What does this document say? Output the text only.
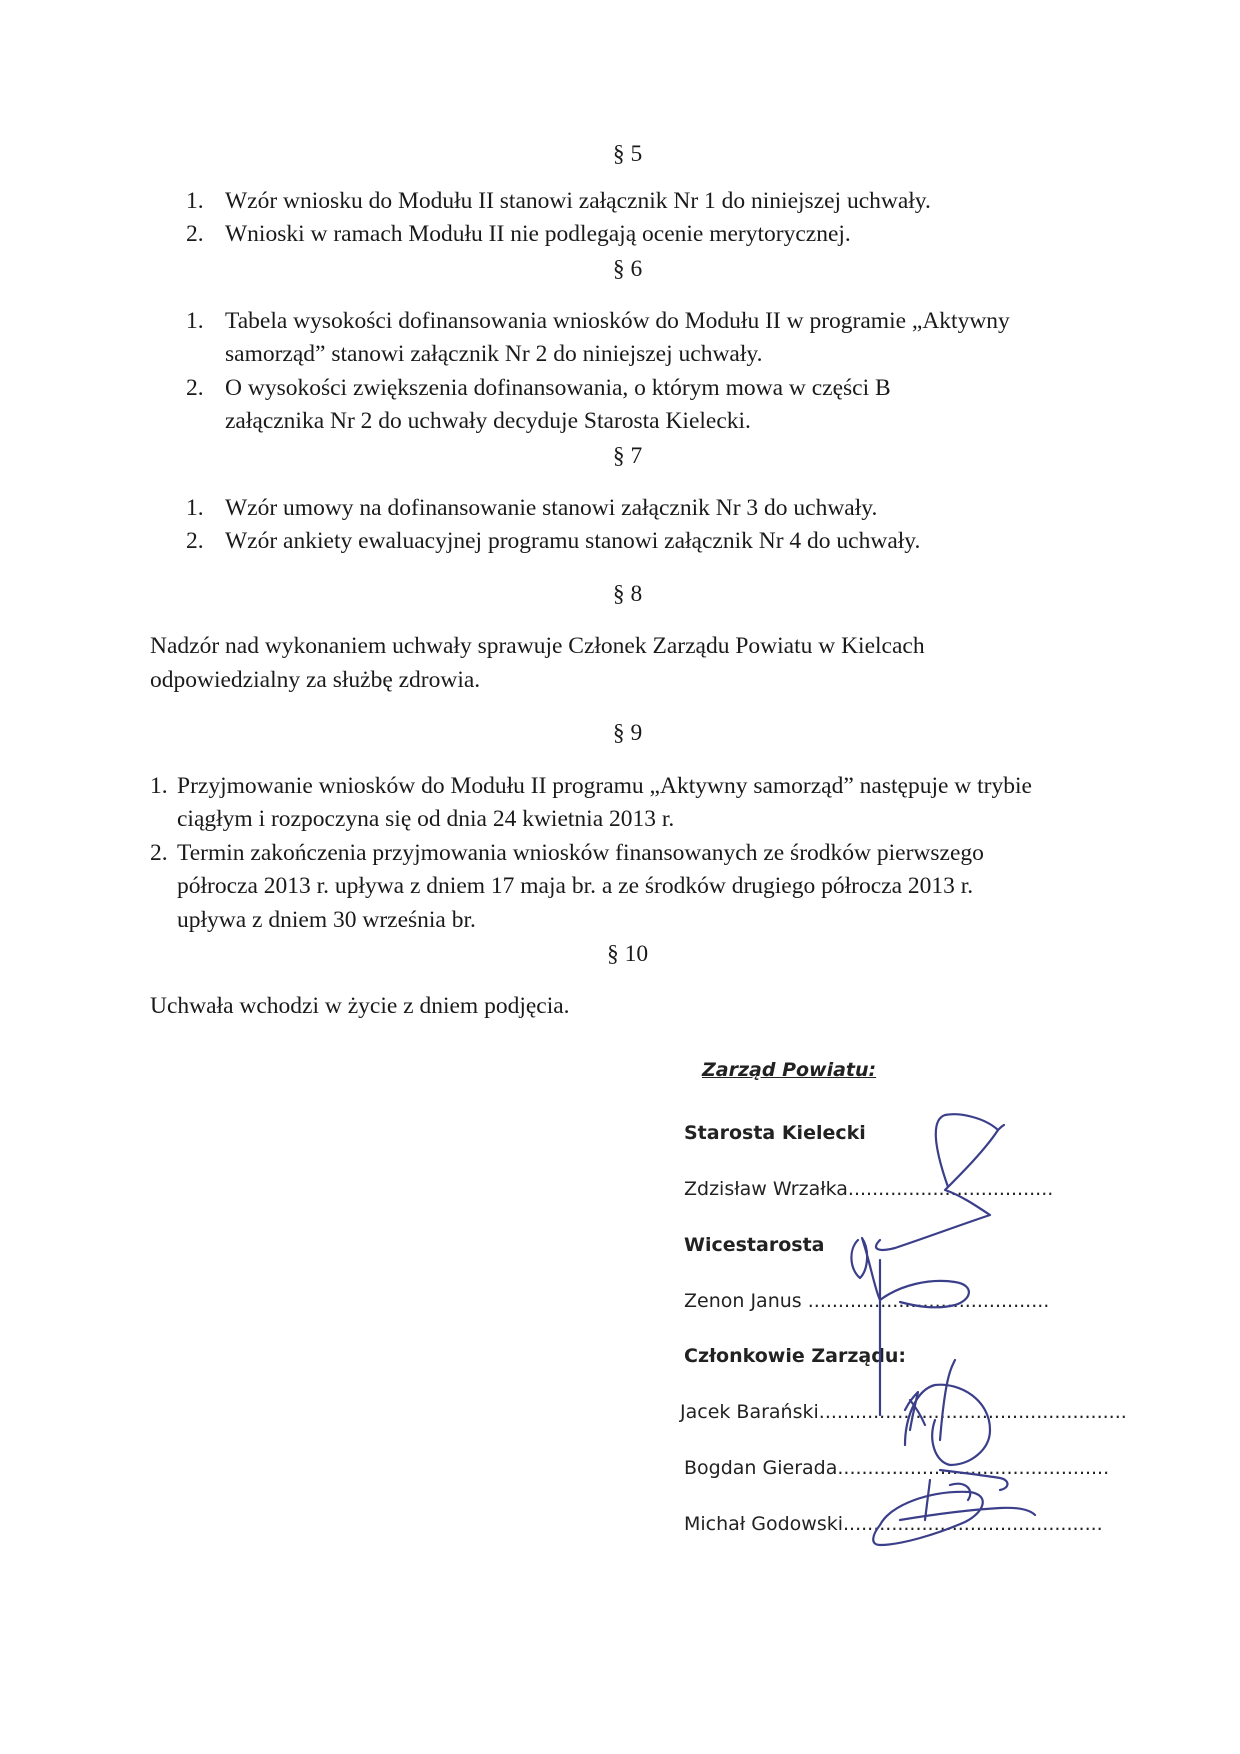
§ 5
1. Wzór wniosku do Modułu II stanowi załącznik Nr 1 do niniejszej uchwały.
2. Wnioski w ramach Modułu II nie podlegają ocenie merytorycznej.
§ 6
1. Tabela wysokości dofinansowania wniosków do Modułu II w programie „Aktywny
samorząd” stanowi załącznik Nr 2 do niniejszej uchwały.
2. O wysokości zwiększenia dofinansowania, o którym mowa w części B
załącznika Nr 2 do uchwały decyduje Starosta Kielecki.
§ 7
1. Wzór umowy na dofinansowanie stanowi załącznik Nr 3 do uchwały.
2. Wzór ankiety ewaluacyjnej programu stanowi załącznik Nr 4 do uchwały.
§ 8
Nadzór nad wykonaniem uchwały sprawuje Członek Zarządu Powiatu w Kielcach
odpowiedzialny za służbę zdrowia.
§ 9
1. Przyjmowanie wniosków do Modułu II programu „Aktywny samorząd” następuje w trybie
ciągłym i rozpoczyna się od dnia 24 kwietnia 2013 r.
2. Termin zakończenia przyjmowania wniosków finansowanych ze środków pierwszego
półrocza 2013 r. upływa z dniem 17 maja br. a ze środków drugiego półrocza 2013 r.
upływa z dniem 30 września br.
§ 10
Uchwała wchodzi w życie z dniem podjęcia.
Zarząd Powiatu:
Starosta Kielecki
Zdzisław Wrzałka..................................
Wicestarosta
Zenon Janus ........................................
Członkowie Zarządu:
Jacek Barański...................................................
Bogdan Gierada.............................................
Michał Godowski...........................................
